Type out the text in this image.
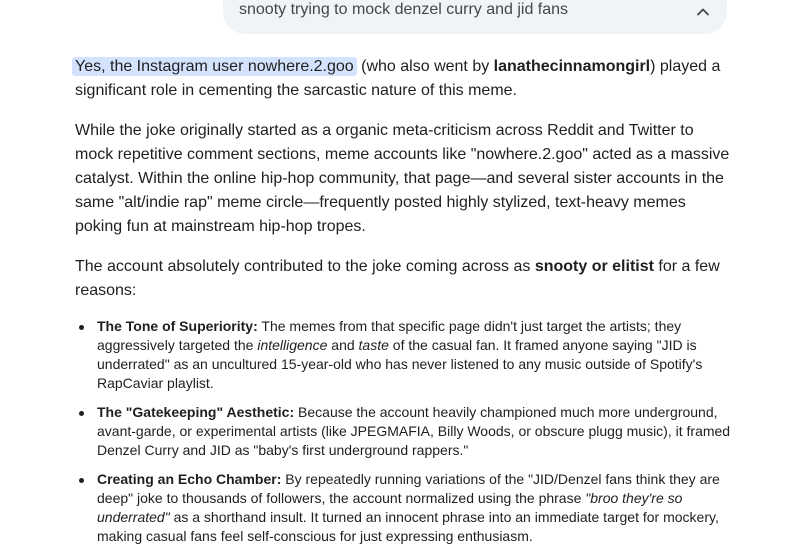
snooty trying to mock denzel curry and jid fans

Yes, the Instagram user nowhere.2.goo (who also went by lanathecinnamongirl) played a significant role in cementing the sarcastic nature of this meme.

While the joke originally started as a organic meta-criticism across Reddit and Twitter to mock repetitive comment sections, meme accounts like "nowhere.2.goo" acted as a massive catalyst. Within the online hip-hop community, that page—and several sister accounts in the same "alt/indie rap" meme circle—frequently posted highly stylized, text-heavy memes poking fun at mainstream hip-hop tropes.

The account absolutely contributed to the joke coming across as snooty or elitist for a few reasons:

The Tone of Superiority: The memes from that specific page didn't just target the artists; they aggressively targeted the intelligence and taste of the casual fan. It framed anyone saying "JID is underrated" as an uncultured 15-year-old who has never listened to any music outside of Spotify's RapCaviar playlist.
The "Gatekeeping" Aesthetic: Because the account heavily championed much more underground, avant-garde, or experimental artists (like JPEGMAFIA, Billy Woods, or obscure plugg music), it framed Denzel Curry and JID as "baby's first underground rappers."
Creating an Echo Chamber: By repeatedly running variations of the "JID/Denzel fans think they are deep" joke to thousands of followers, the account normalized using the phrase "broo they're so underrated" as a shorthand insult. It turned an innocent phrase into an immediate target for mockery, making casual fans feel self-conscious for just expressing enthusiasm.
